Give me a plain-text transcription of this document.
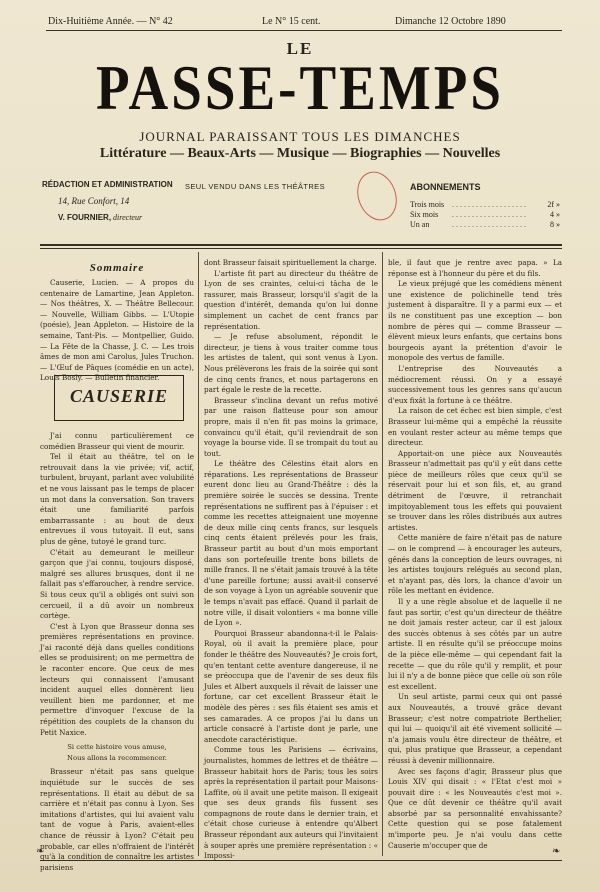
Dix-Huitième Année. — N° 42	Le N° 15 cent.	Dimanche 12 Octobre 1890
LE
PASSE-TEMPS
JOURNAL PARAISSANT TOUS LES DIMANCHES
Littérature — Beaux-Arts — Musique — Biographies — Nouvelles
RÉDACTION ET ADMINISTRATION
14, Rue Confort, 14
V. FOURNIER, directeur
SEUL VENDU DANS LES THÉÂTRES	ABONNEMENTS
Trois mois . . . . . . . . . . . . . . . . . . .	2f »
Six mois . . . . . . . . . . . . . . . . . . .	4 »
Un an	. . . . . . . . . . . . . . . . . . .	8 »
Sommaire

Causerie, Lucien. — A propos du centenaire de Lamartine, Jean Appleton. — Nos théâtres, X. — Théâtre Bellecour. — Nouvelle, William Gibbs. — L'Utopie (poésie), Jean Appleton. — Histoire de la semaine, Tant-Pis. — Montpellier, Guido. — La Fête de la Chasse, J. C. — Les trois âmes de mon ami Carolus, Jules Truchon. — L'Œuf de Pâques (comédie en un acte), Louis Bosly. — Bulletin financier.

CAUSERIE

J'ai connu particulièrement ce comédien Brasseur qui vient de mourir.

Tel il était au théâtre, tel on le retrouvait dans la vie privée; vif, actif, turbulent, bruyant, parlant avec volubilité et ne vous laissant pas le temps de placer un mot dans la conversation. Son travers était une familiarité parfois embarrassante : au bout de deux entrevues il vous tutoyait. Il eut, sans plus de gêne, tutoyé le grand turc.

C'était au demeurant le meilleur garçon que j'ai connu, toujours disposé, malgré ses allures brusques, dont il ne fallait pas s'effaroucher, à rendre service. Si tous ceux qu'il a obligés ont suivi son cercueil, il a dû avoir un nombreux cortège.

C'est à Lyon que Brasseur donna ses premières représentations en province. J'ai raconté déjà dans quelles conditions elles se produisirent; on me permettra de le raconter encore. Que ceux de mes lecteurs qui connaissent l'amusant incident auquel elles donnèrent lieu veuillent bien me pardonner, et me permettre d'invoquer l'excuse de la répétition des couplets de la chanson du Petit Naxice.

Si cette histoire vous amuse,

Nous allons la recommencer.

Brasseur n'était pas sans quelque inquiétude sur le succès de ses représentations. Il était au début de sa carrière et n'était pas connu à Lyon. Ses imitations d'artistes, qui lui avaient valu tant de vogue à Paris, avaient-elles chance de réussir à Lyon? C'était peu probable, car elles n'offraient de l'intérêt qu'à la condition de connaître les artistes parisiens

dont Brasseur faisait spirituellement la charge.

L'artiste fit part au directeur du théâtre de Lyon de ses craintes, celui-ci tâcha de le rassurer, mais Brasseur, lorsqu'il s'agit de la question d'intérêt, demanda qu'on lui donne simplement un cachet de cent francs par représentation.

— Je refuse absolument, répondit le directeur, je tiens à vous traiter comme tous les artistes de talent, qui sont venus à Lyon. Nous prélèverons les frais de la soirée qui sont de cinq cents francs, et nous partagerons en part égale le reste de la recette.

Brasseur s'inclina devant un refus motivé par une raison flatteuse pour son amour propre, mais il n'en fit pas moins la grimace, convaincu qu'il était, qu'il reviendrait de son voyage la bourse vide. Il se trompait du tout au tout.

Le théâtre des Célestins était alors en réparations. Les représentations de Brasseur eurent donc lieu au Grand-Théâtre : dès la première soirée le succès se dessina. Trente représentations ne suffirent pas à l'épuiser : et comme les recettes atteignaient une moyenne de deux mille cinq cents francs, sur lesquels cinq cents étaient prélevés pour les frais, Brasseur partit au bout d'un mois emportant dans son portefeuille trente bons billets de mille francs. Il ne s'était jamais trouvé à la tête d'une pareille fortune; aussi avait-il conservé de son voyage à Lyon un agréable souvenir que le temps n'avait pas effacé. Quand il parlait de notre ville, il disait volontiers « ma bonne ville de Lyon ».

Pourquoi Brasseur abandonna-t-il le Palais-Royal, où il avait la première place, pour fonder le théâtre des Nouveautés? Je crois fort, qu'en tentant cette aventure dangereuse, il ne se préoccupa que de l'avenir de ses deux fils Jules et Albert auxquels il rêvait de laisser une fortune, car cet excellent Brasseur était le modèle des pères : ses fils étaient ses amis et ses camarades. A ce propos j'ai lu dans un article consacré à l'artiste dont je parle, une anecdote caractéristique.

Comme tous les Parisiens — écrivains, journalistes, hommes de lettres et de théâtre — Brasseur habitait hors de Paris; tous les soirs après la représentation il partait pour Maisons-Laffite, où il avait une petite maison. Il exigeait que ses deux grands fils fussent ses compagnons de route dans le dernier train, et c'était chose curieuse à entendre qu'Albert Brasseur répondant aux auteurs qui l'invitaient à souper après une première représentation : « Impossi-

ble, il faut que je rentre avec papa. » La réponse est à l'honneur du père et du fils.

Le vieux préjugé que les comédiens mènent une existence de polichinelle tend très justement à disparaître. Il y a parmi eux — et ils ne constituent pas une exception — bon nombre de pères qui — comme Brasseur — élèvent mieux leurs enfants, que certains bons bourgeois ayant la prétention d'avoir le monopole des vertus de famille.

L'entreprise des Nouveautés a médiocrement réussi. On y a essayé successivement tous les genres sans qu'aucun d'eux fixât la fortune à ce théâtre.

La raison de cet échec est bien simple, c'est Brasseur lui-même qui a empêché la réussite en voulant rester acteur au même temps que directeur.

Apportait-on une pièce aux Nouveautés Brasseur n'admettait pas qu'il y eût dans cette pièce de meilleurs rôles que ceux qu'il se réservait pour lui et son fils, et, au grand détriment de l'œuvre, il retranchait impitoyablement tous les effets qui pouvaient se trouver dans les rôles distribués aux autres artistes.

Cette manière de faire n'était pas de nature — on le comprend — à encourager les auteurs, gênés dans la conception de leurs ouvrages, ni les artistes toujours relégués au second plan, et n'ayant pas, dès lors, la chance d'avoir un rôle les mettant en évidence.

Il y a une règle absolue et de laquelle il ne faut pas sortir, c'est qu'un directeur de théâtre ne doit jamais rester acteur, car il est jaloux des succès obtenus à ses côtés par un autre artiste. Il en résulte qu'il se préoccupe moins de la pièce elle-même — qui cependant fait la recette — que du rôle qu'il y remplit, et pour lui il n'y a de bonne pièce que celle où son rôle est excellent.

Un seul artiste, parmi ceux qui ont passé aux Nouveautés, a trouvé grâce devant Brasseur; c'est notre compatriote Berthelier, qui lui — quoiqu'il ait été vivement sollicité — n'a jamais voulu être directeur de théâtre, et qui, plus pratique que Brasseur, a cependant réussi à devenir millionnaire.

Avec ses façons d'agir, Brasseur plus que Louis XIV qui disait : « l'Etat c'est moi » pouvait dire : « les Nouveautés c'est moi ». Que ce dût devenir ce théâtre qu'il avait absorbé par sa personnalité envahissante? Cette question qui se pose fatalement m'importe peu. Je n'ai voulu dans cette Causerie m'occuper que de

❧	❧
